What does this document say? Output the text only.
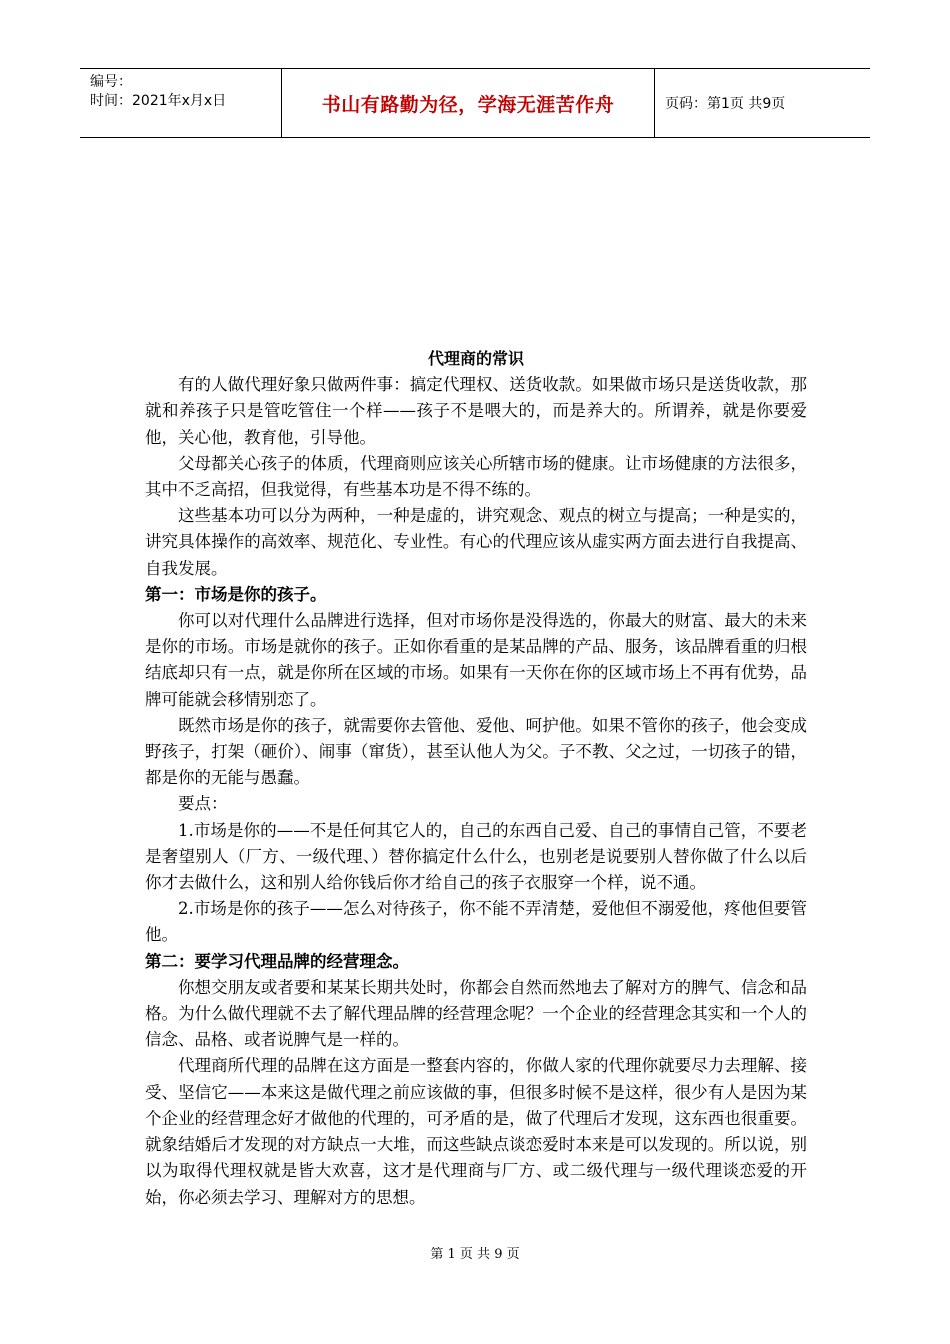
编号：
时间：2021年x月x日	书山有路勤为径，学海无涯苦作舟	页码：第1页 共9页
代理商的常识

有的人做代理好象只做两件事：搞定代理权、送货收款。如果做市场只是送货收款，那就和养孩子只是管吃管住一个样——孩子不是喂大的，而是养大的。所谓养，就是你要爱他，关心他，教育他，引导他。

父母都关心孩子的体质，代理商则应该关心所辖市场的健康。让市场健康的方法很多，其中不乏高招，但我觉得，有些基本功是不得不练的。

这些基本功可以分为两种，一种是虚的，讲究观念、观点的树立与提高；一种是实的，讲究具体操作的高效率、规范化、专业性。有心的代理应该从虚实两方面去进行自我提高、自我发展。

第一：市场是你的孩子。

你可以对代理什么品牌进行选择，但对市场你是没得选的，你最大的财富、最大的未来是你的市场。市场是就你的孩子。正如你看重的是某品牌的产品、服务，该品牌看重的归根结底却只有一点，就是你所在区域的市场。如果有一天你在你的区域市场上不再有优势，品牌可能就会移情别恋了。

既然市场是你的孩子，就需要你去管他、爱他、呵护他。如果不管你的孩子，他会变成野孩子，打架（砸价）、闹事（窜货），甚至认他人为父。子不教、父之过，一切孩子的错，都是你的无能与愚蠢。

要点：

1.市场是你的——不是任何其它人的，自己的东西自己爱、自己的事情自己管，不要老是奢望别人（厂方、一级代理、）替你搞定什么什么，也别老是说要别人替你做了什么以后你才去做什么，这和别人给你钱后你才给自己的孩子衣服穿一个样，说不通。

2.市场是你的孩子——怎么对待孩子，你不能不弄清楚，爱他但不溺爱他，疼他但要管他。

第二：要学习代理品牌的经营理念。

你想交朋友或者要和某某长期共处时，你都会自然而然地去了解对方的脾气、信念和品格。为什么做代理就不去了解代理品牌的经营理念呢？一个企业的经营理念其实和一个人的信念、品格、或者说脾气是一样的。

代理商所代理的品牌在这方面是一整套内容的，你做人家的代理你就要尽力去理解、接受、坚信它——本来这是做代理之前应该做的事，但很多时候不是这样，很少有人是因为某个企业的经营理念好才做他的代理的，可矛盾的是，做了代理后才发现，这东西也很重要。就象结婚后才发现的对方缺点一大堆，而这些缺点谈恋爱时本来是可以发现的。所以说，别以为取得代理权就是皆大欢喜，这才是代理商与厂方、或二级代理与一级代理谈恋爱的开始，你必须去学习、理解对方的思想。

第 1 页 共 9 页
